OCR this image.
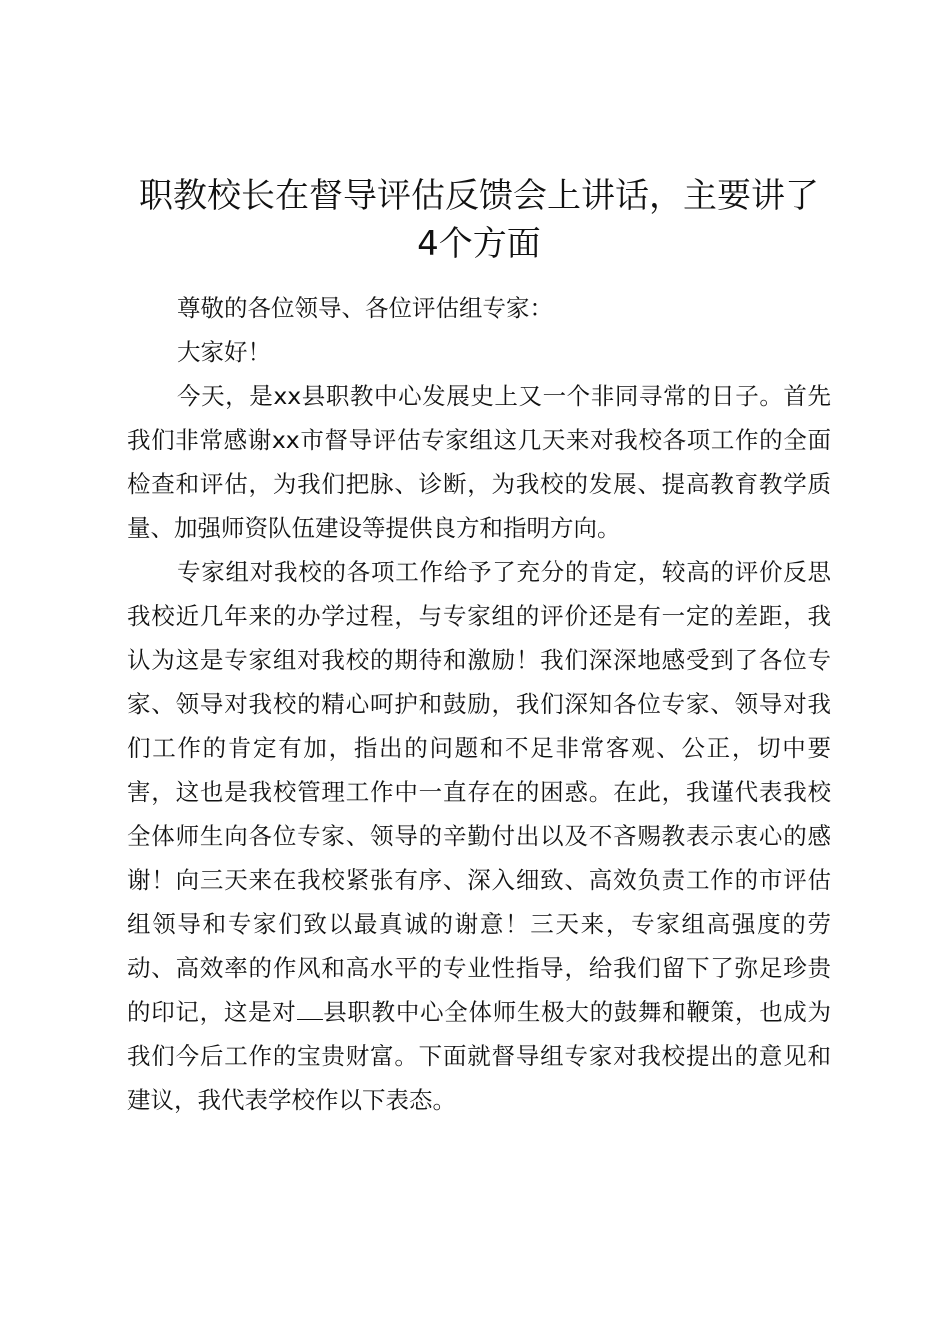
职教校长在督导评估反馈会上讲话，主要讲了
4个方面

尊敬的各位领导、各位评估组专家：

大家好！

今天，是xx县职教中心发展史上又一个非同寻常的日子。首先我们非常感谢xx市督导评估专家组这几天来对我校各项工作的全面检查和评估，为我们把脉、诊断，为我校的发展、提高教育教学质量、加强师资队伍建设等提供良方和指明方向。

专家组对我校的各项工作给予了充分的肯定，较高的评价反思我校近几年来的办学过程，与专家组的评价还是有一定的差距，我认为这是专家组对我校的期待和激励！我们深深地感受到了各位专家、领导对我校的精心呵护和鼓励，我们深知各位专家、领导对我们工作的肯定有加，指出的问题和不足非常客观、公正，切中要害，这也是我校管理工作中一直存在的困惑。在此，我谨代表我校全体师生向各位专家、领导的辛勤付出以及不吝赐教表示衷心的感谢！向三天来在我校紧张有序、深入细致、高效负责工作的市评估组领导和专家们致以最真诚的谢意！三天来，专家组高强度的劳动、高效率的作风和高水平的专业性指导，给我们留下了弥足珍贵的印记，这是对 县职教中心全体师生极大的鼓舞和鞭策，也成为我们今后工作的宝贵财富。下面就督导组专家对我校提出的意见和建议，我代表学校作以下表态。
